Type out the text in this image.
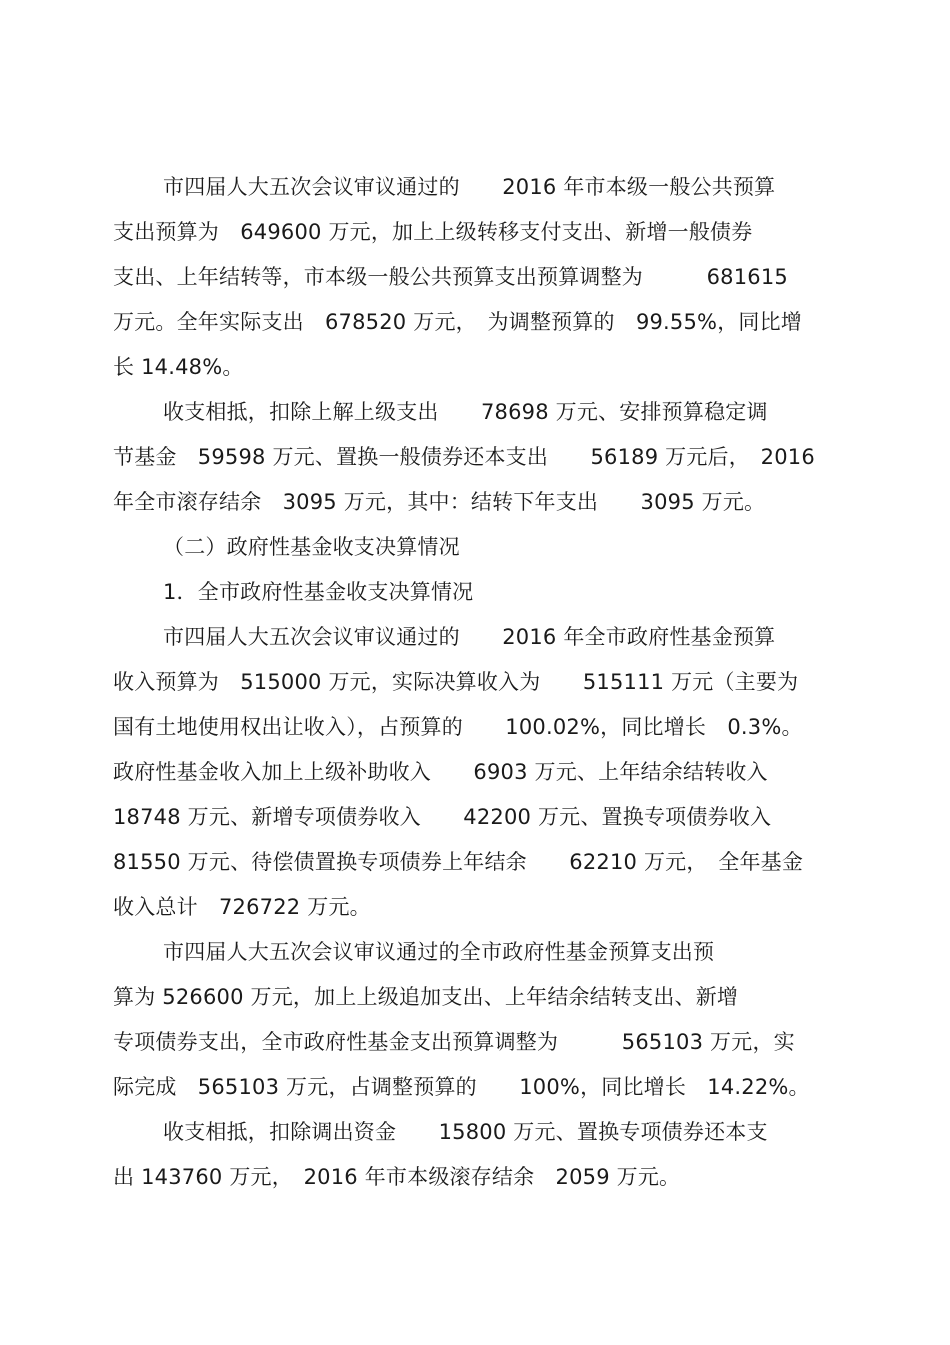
市四届人大五次会议审议通过的　　2016 年市本级一般公共预算
支出预算为　649600 万元，加上上级转移支付支出、新增一般债券
支出、上年结转等，市本级一般公共预算支出预算调整为　　　681615
万元。全年实际支出　678520 万元，　为调整预算的　99.55%，同比增
长 14.48%。
收支相抵，扣除上解上级支出　　78698 万元、安排预算稳定调
节基金　59598 万元、置换一般债券还本支出　　56189 万元后，　2016
年全市滚存结余　3095 万元，其中：结转下年支出　　3095 万元。
（二）政府性基金收支决算情况
1．全市政府性基金收支决算情况
市四届人大五次会议审议通过的　　2016 年全市政府性基金预算
收入预算为　515000 万元，实际决算收入为　　515111 万元（主要为
国有土地使用权出让收入），占预算的　　100.02%，同比增长　0.3%。
政府性基金收入加上上级补助收入　　6903 万元、上年结余结转收入
18748 万元、新增专项债券收入　　42200 万元、置换专项债券收入
81550 万元、待偿债置换专项债券上年结余　　62210 万元，　全年基金
收入总计　726722 万元。
市四届人大五次会议审议通过的全市政府性基金预算支出预
算为 526600 万元，加上上级追加支出、上年结余结转支出、新增
专项债券支出，全市政府性基金支出预算调整为　　　565103 万元，实
际完成　565103 万元，占调整预算的　　100%，同比增长　14.22%。
收支相抵，扣除调出资金　　15800 万元、置换专项债券还本支
出 143760 万元，　2016 年市本级滚存结余　2059 万元。
